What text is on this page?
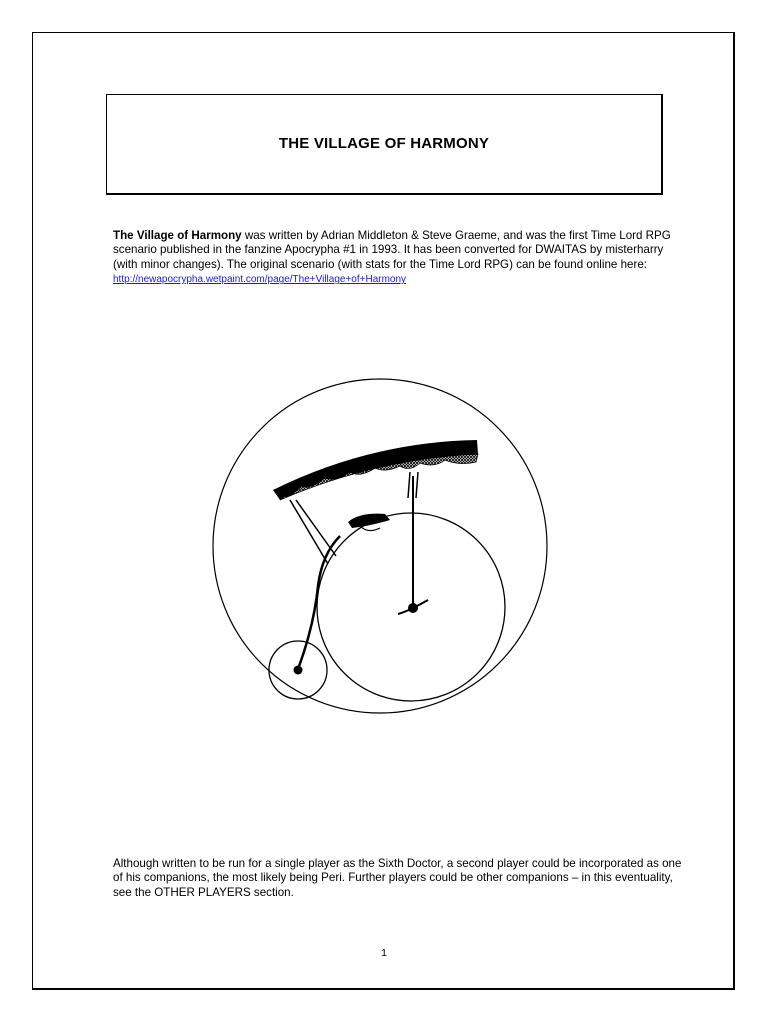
THE VILLAGE OF HARMONY
The Village of Harmony was written by Adrian Middleton & Steve Graeme, and was the first Time Lord RPG scenario published in the fanzine Apocrypha #1 in 1993. It has been converted for DWAITAS by misterharry (with minor changes). The original scenario (with stats for the Time Lord RPG) can be found online here: http://newapocrypha.wetpaint.com/page/The+Village+of+Harmony
Although written to be run for a single player as the Sixth Doctor, a second player could be incorporated as one of his companions, the most likely being Peri. Further players could be other companions – in this eventuality, see the OTHER PLAYERS section.
1
